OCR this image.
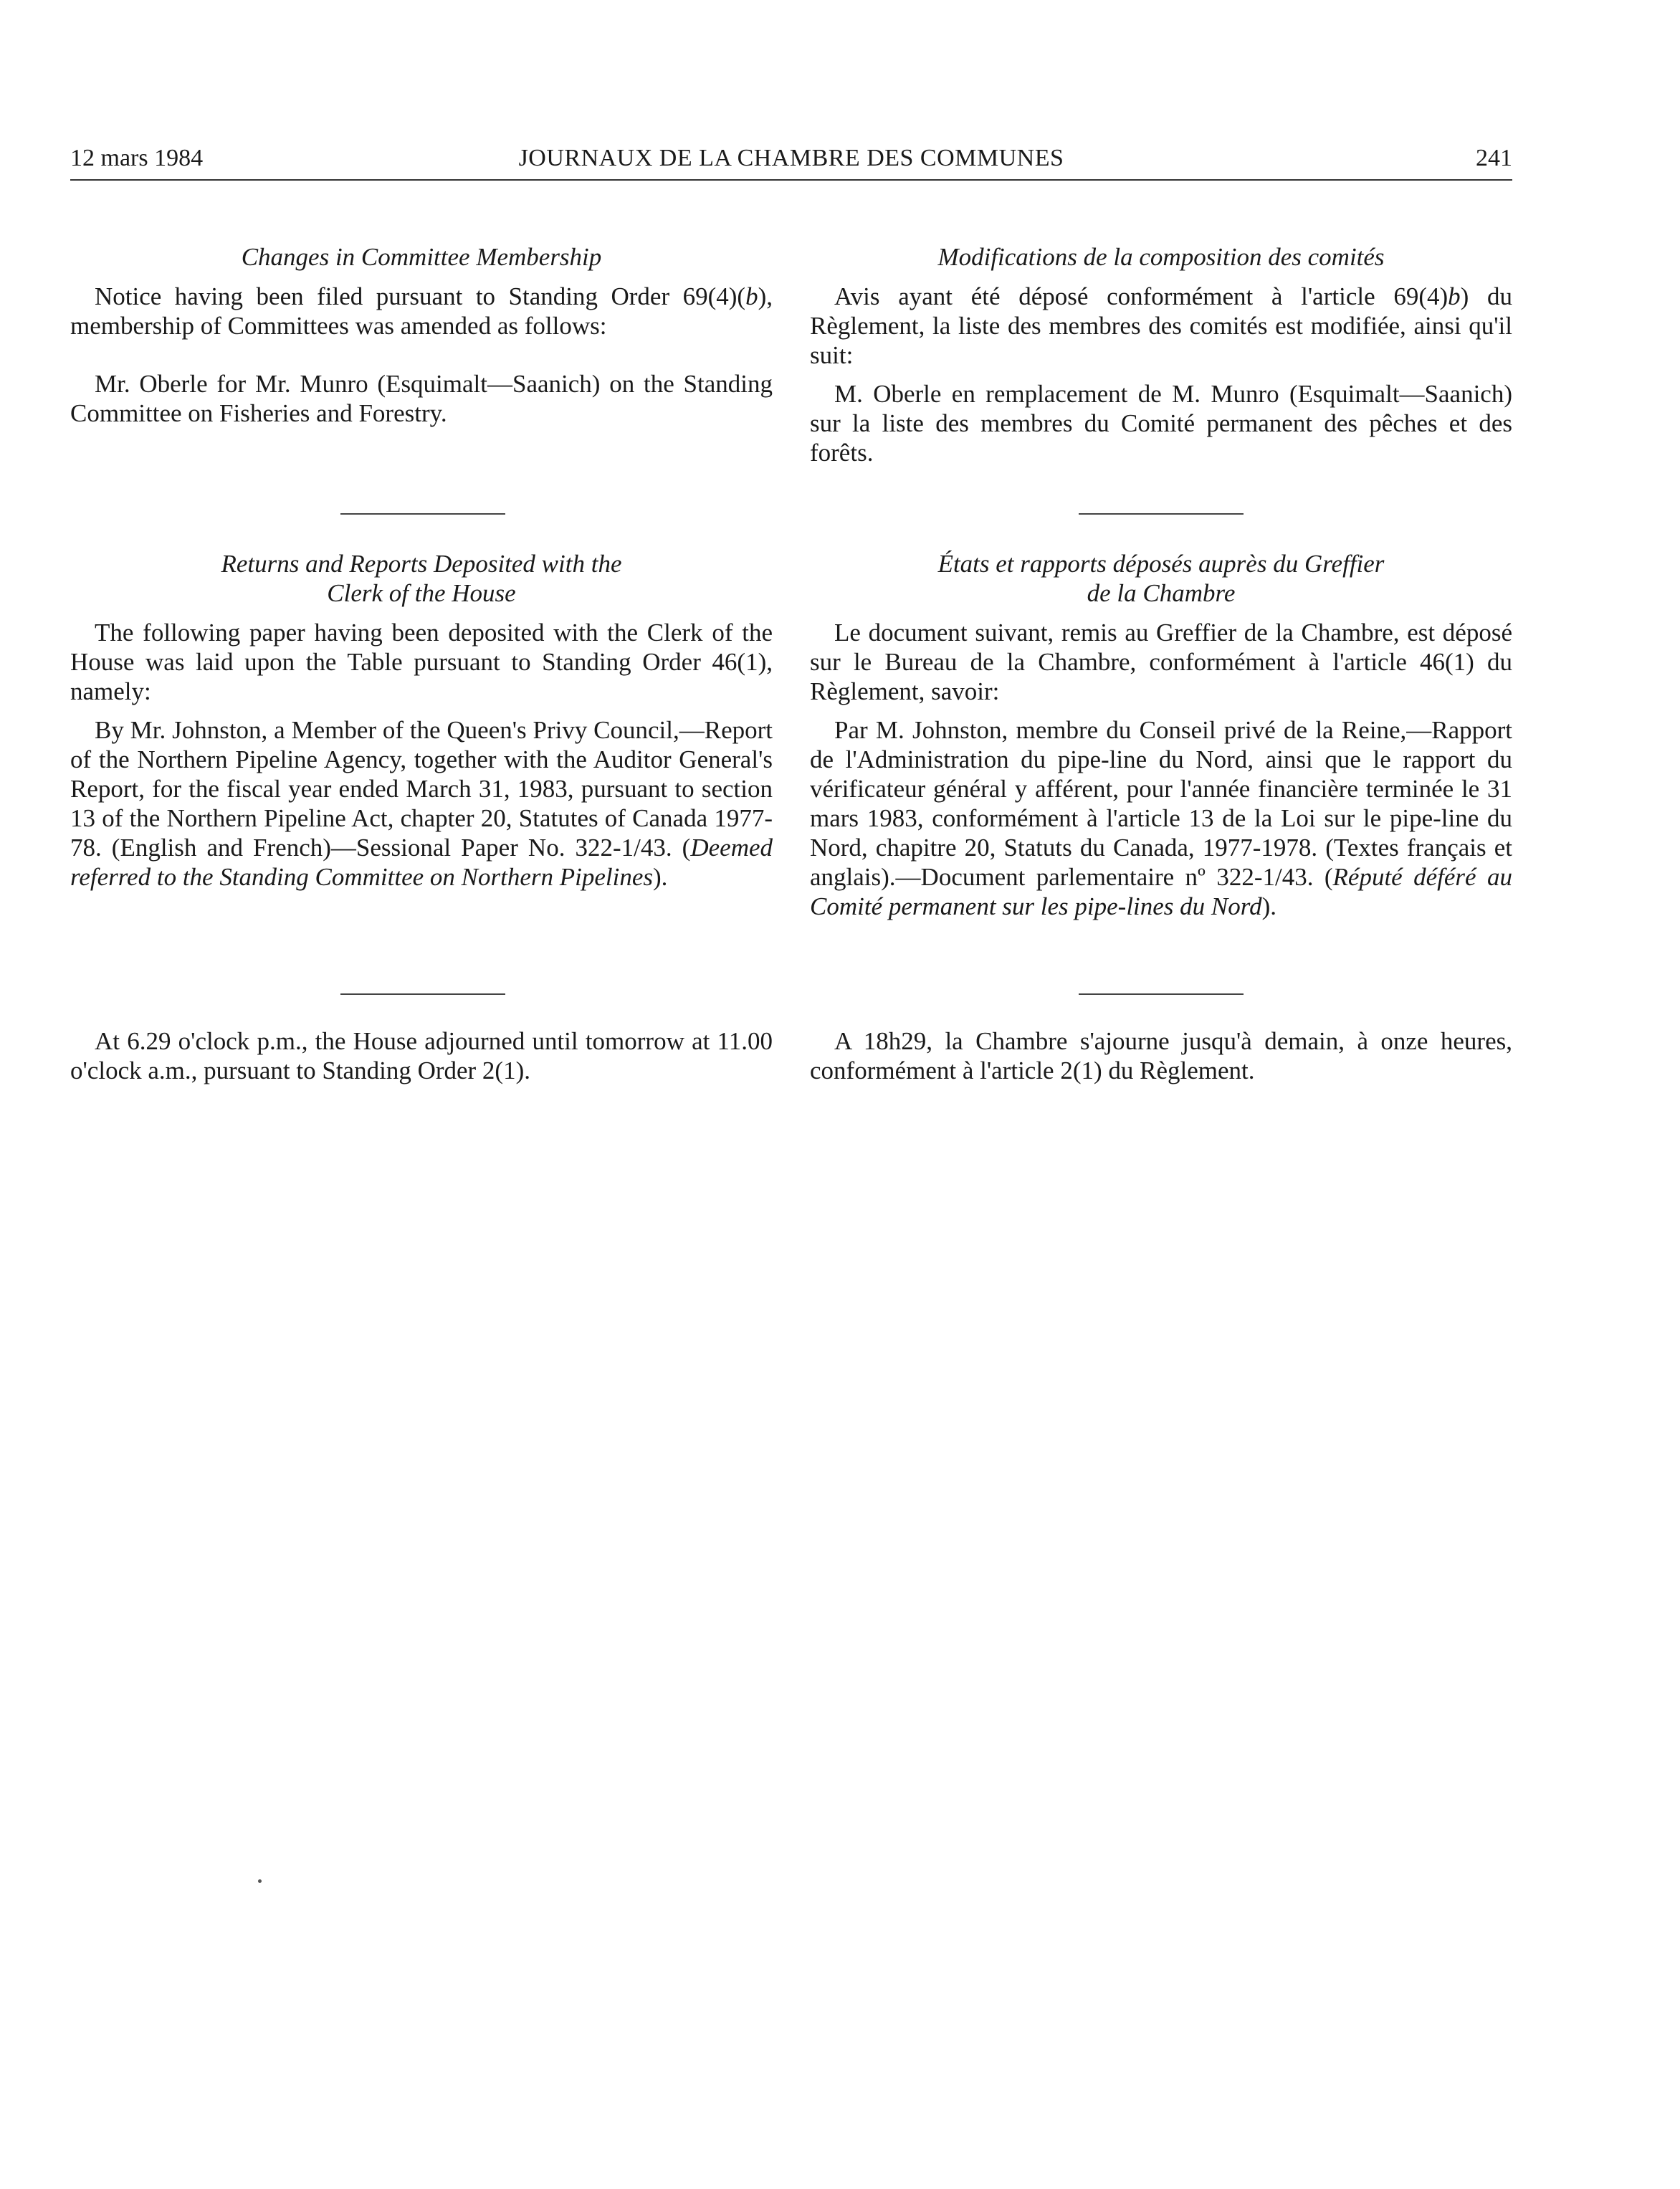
12 mars 1984	JOURNAUX DE LA CHAMBRE DES COMMUNES	241

Changes in Committee Membership

Notice having been filed pursuant to Standing Order 69(4)(b), membership of Committees was amended as follows:

Mr. Oberle for Mr. Munro (Esquimalt—Saanich) on the Standing Committee on Fisheries and Forestry.

Modifications de la composition des comités

Avis ayant été déposé conformément à l'article 69(4)b) du Règlement, la liste des membres des comités est modifiée, ainsi qu'il suit:

M. Oberle en remplacement de M. Munro (Esquimalt—Saanich) sur la liste des membres du Comité permanent des pêches et des forêts.

Returns and Reports Deposited with the
Clerk of the House

The following paper having been deposited with the Clerk of the House was laid upon the Table pursuant to Standing Order 46(1), namely:

By Mr. Johnston, a Member of the Queen's Privy Council,—Report of the Northern Pipeline Agency, together with the Auditor General's Report, for the fiscal year ended March 31, 1983, pursuant to section 13 of the Northern Pipeline Act, chapter 20, Statutes of Canada 1977-78. (English and French)—Sessional Paper No. 322-1/43. (Deemed referred to the Standing Committee on Northern Pipelines).

États et rapports déposés auprès du Greffier
de la Chambre

Le document suivant, remis au Greffier de la Chambre, est déposé sur le Bureau de la Chambre, conformément à l'article 46(1) du Règlement, savoir:

Par M. Johnston, membre du Conseil privé de la Reine,—Rapport de l'Administration du pipe-line du Nord, ainsi que le rapport du vérificateur général y afférent, pour l'année financière terminée le 31 mars 1983, conformément à l'article 13 de la Loi sur le pipe-line du Nord, chapitre 20, Statuts du Canada, 1977-1978. (Textes français et anglais).—Document parlementaire nº 322-1/43. (Réputé déféré au Comité permanent sur les pipe-lines du Nord).

At 6.29 o'clock p.m., the House adjourned until tomorrow at 11.00 o'clock a.m., pursuant to Standing Order 2(1).

A 18h29, la Chambre s'ajourne jusqu'à demain, à onze heures, conformément à l'article 2(1) du Règlement.
